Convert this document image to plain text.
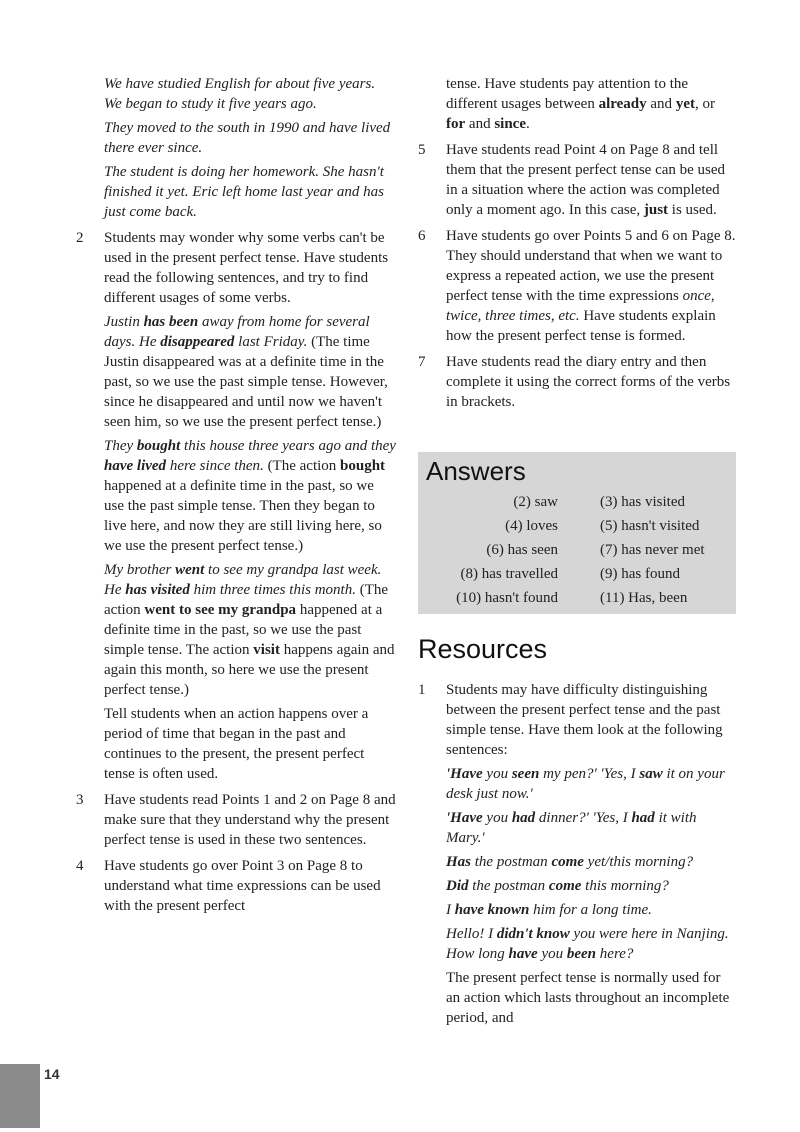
We have studied English for about five years. We began to study it five years ago.

They moved to the south in 1990 and have lived there ever since.

The student is doing her homework. She hasn't finished it yet. Eric left home last year and has just come back.

2 Students may wonder why some verbs can't be used in the present perfect tense. Have students read the following sentences, and try to find different usages of some verbs.

Justin has been away from home for several days. He disappeared last Friday. (The time Justin disappeared was at a definite time in the past, so we use the past simple tense. However, since he disappeared and until now we haven't seen him, so we use the present perfect tense.)

They bought this house three years ago and they have lived here since then. (The action bought happened at a definite time in the past, so we use the past simple tense. Then they began to live here, and now they are still living here, so we use the present perfect tense.)

My brother went to see my grandpa last week. He has visited him three times this month. (The action went to see my grandpa happened at a definite time in the past, so we use the past simple tense. The action visit happens again and again this month, so here we use the present perfect tense.)

Tell students when an action happens over a period of time that began in the past and continues to the present, the present perfect tense is often used.

3 Have students read Points 1 and 2 on Page 8 and make sure that they understand why the present perfect tense is used in these two sentences.

4 Have students go over Point 3 on Page 8 to understand what time expressions can be used with the present perfect

tense. Have students pay attention to the different usages between already and yet, or for and since.

5 Have students read Point 4 on Page 8 and tell them that the present perfect tense can be used in a situation where the action was completed only a moment ago. In this case, just is used.

6 Have students go over Points 5 and 6 on Page 8. They should understand that when we want to express a repeated action, we use the present perfect tense with the time expressions once, twice, three times, etc. Have students explain how the present perfect tense is formed.

7 Have students read the diary entry and then complete it using the correct forms of the verbs in brackets.

Answers
(2) saw	(3) has visited
(4) loves	(5) hasn't visited
(6) has seen	(7) has never met
(8) has travelled	(9) has found
(10) hasn't found	(11) Has, been
Resources
1 Students may have difficulty distinguishing between the present perfect tense and the past simple tense. Have them look at the following sentences:

'Have you seen my pen?' 'Yes, I saw it on your desk just now.'

'Have you had dinner?' 'Yes, I had it with Mary.'

Has the postman come yet/this morning?

Did the postman come this morning?

I have known him for a long time.

Hello! I didn't know you were here in Nanjing. How long have you been here?

The present perfect tense is normally used for an action which lasts throughout an incomplete period, and

14
